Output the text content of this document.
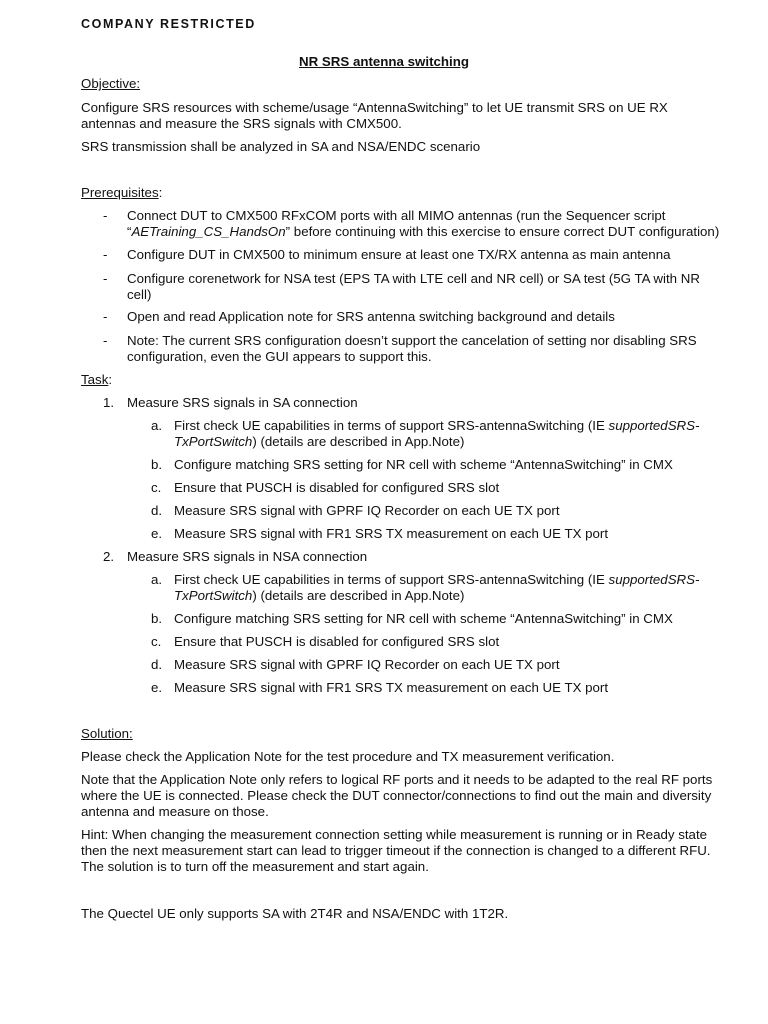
COMPANY RESTRICTED
NR SRS antenna switching
Objective:
Configure SRS resources with scheme/usage “AntennaSwitching” to let UE transmit SRS on UE RX
antennas and measure the SRS signals with CMX500.
SRS transmission shall be analyzed in SA and NSA/ENDC scenario
Prerequisites:
- Connect DUT to CMX500 RFxCOM ports with all MIMO antennas (run the Sequencer script
“AETraining_CS_HandsOn” before continuing with this exercise to ensure correct DUT configuration)
- Configure DUT in CMX500 to minimum ensure at least one TX/RX antenna as main antenna
- Configure corenetwork for NSA test (EPS TA with LTE cell and NR cell) or SA test (5G TA with NR
cell)
- Open and read Application note for SRS antenna switching background and details
- Note: The current SRS configuration doesn’t support the cancelation of setting nor disabling SRS
configuration, even the GUI appears to support this.
Task:
1. Measure SRS signals in SA connection
a. First check UE capabilities in terms of support SRS-antennaSwitching (IE supportedSRS-
TxPortSwitch) (details are described in App.Note)
b. Configure matching SRS setting for NR cell with scheme “AntennaSwitching” in CMX
c. Ensure that PUSCH is disabled for configured SRS slot
d. Measure SRS signal with GPRF IQ Recorder on each UE TX port
e. Measure SRS signal with FR1 SRS TX measurement on each UE TX port
2. Measure SRS signals in NSA connection
a. First check UE capabilities in terms of support SRS-antennaSwitching (IE supportedSRS-
TxPortSwitch) (details are described in App.Note)
b. Configure matching SRS setting for NR cell with scheme “AntennaSwitching” in CMX
c. Ensure that PUSCH is disabled for configured SRS slot
d. Measure SRS signal with GPRF IQ Recorder on each UE TX port
e. Measure SRS signal with FR1 SRS TX measurement on each UE TX port
Solution:
Please check the Application Note for the test procedure and TX measurement verification.
Note that the Application Note only refers to logical RF ports and it needs to be adapted to the real RF ports
where the UE is connected. Please check the DUT connector/connections to find out the main and diversity
antenna and measure on those.
Hint: When changing the measurement connection setting while measurement is running or in Ready state
then the next measurement start can lead to trigger timeout if the connection is changed to a different RFU.
The solution is to turn off the measurement and start again.
The Quectel UE only supports SA with 2T4R and NSA/ENDC with 1T2R.
